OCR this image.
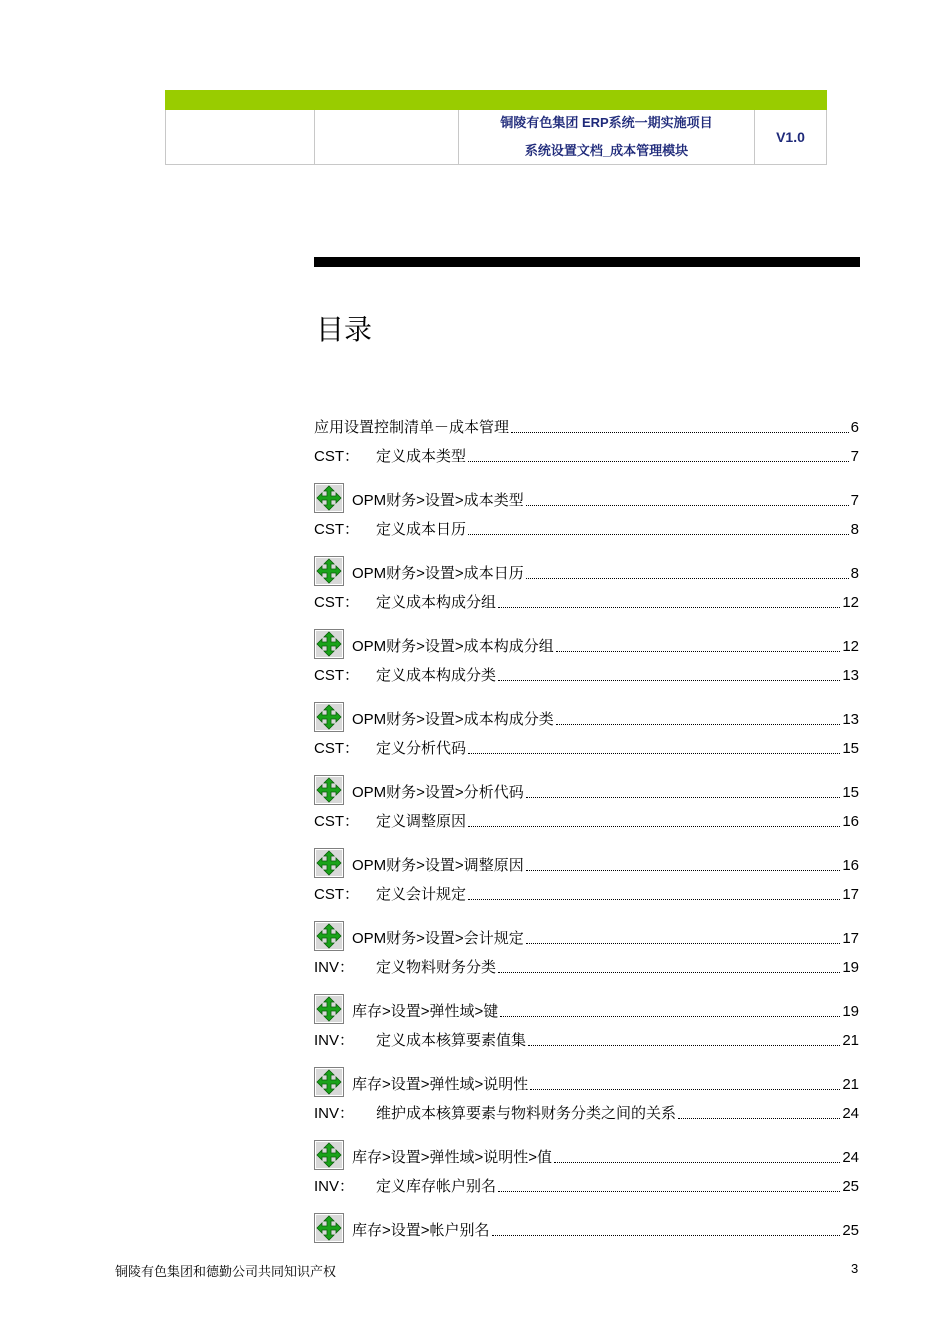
铜陵有色集团 ERP系统一期实施项目
系统设置文档_成本管理模块
V1.0
目录
应用设置控制清单－成本管理	6
CST：	定义成本类型	7
OPM财务>设置>成本类型	7
CST：	定义成本日历	8
OPM财务>设置>成本日历	8
CST：	定义成本构成分组	12
OPM财务>设置>成本构成分组	12
CST：	定义成本构成分类	13
OPM财务>设置>成本构成分类	13
CST：	定义分析代码	15
OPM财务>设置>分析代码	15
CST：	定义调整原因	16
OPM财务>设置>调整原因	16
CST：	定义会计规定	17
OPM财务>设置>会计规定	17
INV：	定义物料财务分类	19
库存>设置>弹性域>键	19
INV：	定义成本核算要素值集	21
库存>设置>弹性域>说明性	21
INV：	维护成本核算要素与物料财务分类之间的关系	24
库存>设置>弹性域>说明性>值	24
INV：	定义库存帐户别名	25
库存>设置>帐户别名	25
铜陵有色集团和德勤公司共同知识产权	3
